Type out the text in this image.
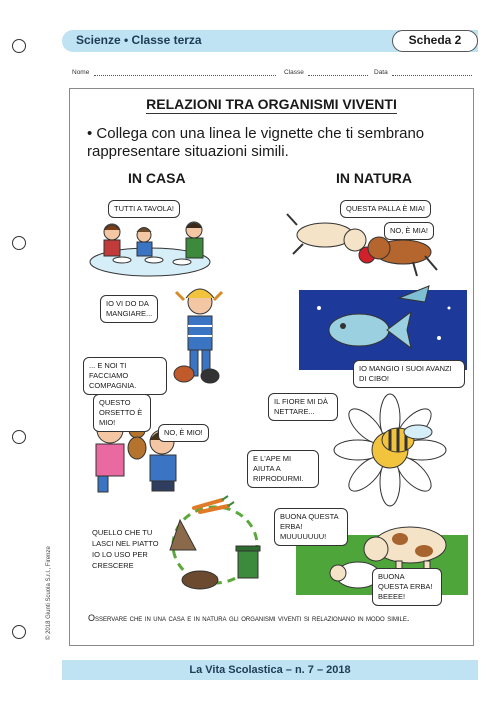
Scienze • Classe terza	Scheda 2
Nome	Classe	Data
RELAZIONI TRA ORGANISMI VIVENTI
• Collega con una linea le vignette che ti sembrano rappresentare situazioni simili.
IN CASA	IN NATURA
TUTTI A TAVOLA!
IO VI DO DA MANGIARE...
... E NOI TI FACCIAMO COMPAGNIA.
QUESTO ORSETTO È MIO!
NO, È MIO!
QUELLO CHE TU LASCI NEL PIATTO IO LO USO PER CRESCERE
QUESTA PALLA È MIA!
NO, È MIA!
IO MANGIO I SUOI AVANZI DI CIBO!
IL FIORE MI DÀ NETTARE...
E L'APE MI AIUTA A RIPRODURMI.
BUONA QUESTA ERBA! MUUUUUUU!
BUONA QUESTA ERBA! BEEEE!
Osservare che in una casa e in natura gli organismi viventi si relazionano in modo simile.
La Vita Scolastica – n. 7 – 2018
© 2018 Giunti Scuola S.r.l., Firenze
